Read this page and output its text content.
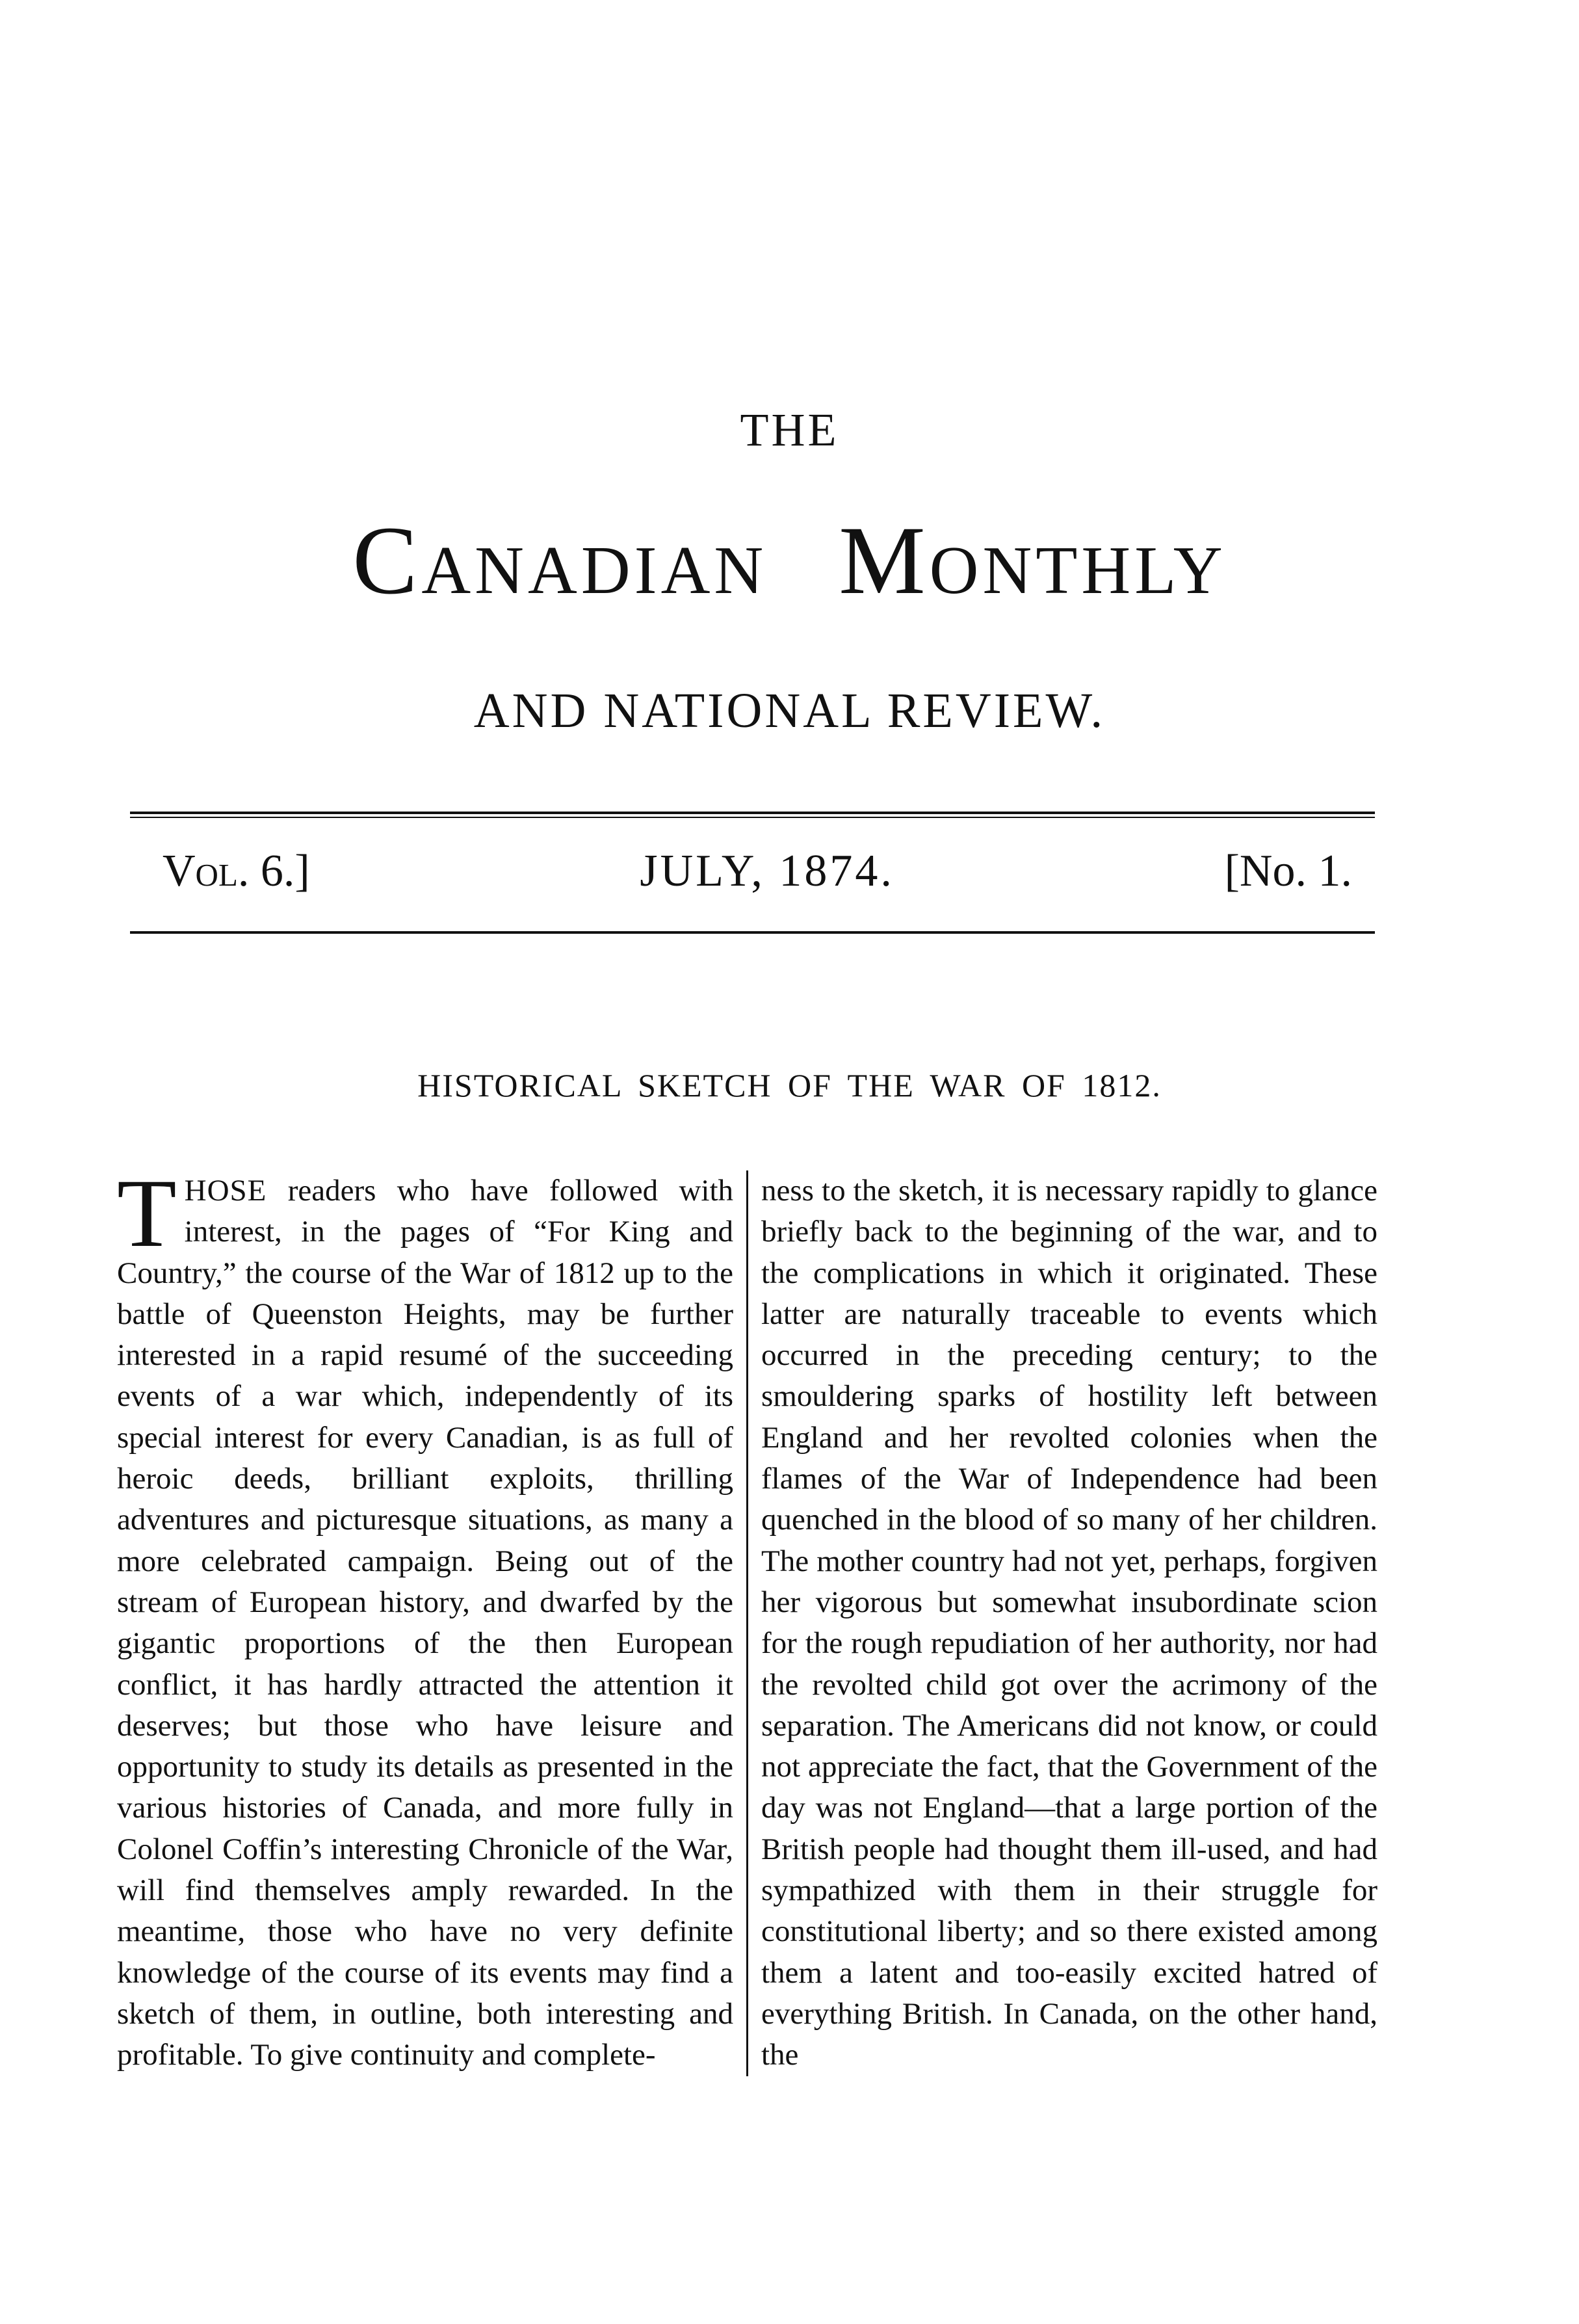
THE
Canadian Monthly
AND NATIONAL REVIEW.
Vol. 6.]	JULY, 1874.	[No. 1.
HISTORICAL SKETCH OF THE WAR OF 1812.
THOSE readers who have followed with interest, in the pages of “For King and Country,” the course of the War of 1812 up to the battle of Queenston Heights, may be further interested in a rapid resumé of the succeeding events of a war which, independently of its special interest for every Canadian, is as full of heroic deeds, brilliant exploits, thrilling adventures and picturesque situations, as many a more celebrated campaign. Being out of the stream of European history, and dwarfed by the gigantic proportions of the then European conflict, it has hardly attracted the attention it deserves; but those who have leisure and opportunity to study its details as presented in the various histories of Canada, and more fully in Colonel Coffin’s interesting Chronicle of the War, will find themselves amply rewarded. In the meantime, those who have no very definite knowledge of the course of its events may find a sketch of them, in outline, both interesting and profitable. To give continuity and complete-
ness to the sketch, it is necessary rapidly to glance briefly back to the beginning of the war, and to the complications in which it originated. These latter are naturally traceable to events which occurred in the preceding century; to the smouldering sparks of hostility left between England and her revolted colonies when the flames of the War of Independence had been quenched in the blood of so many of her children. The mother country had not yet, perhaps, forgiven her vigorous but somewhat insubordinate scion for the rough repudiation of her authority, nor had the revolted child got over the acrimony of the separation. The Americans did not know, or could not appreciate the fact, that the Government of the day was not England—that a large portion of the British people had thought them ill-used, and had sympathized with them in their struggle for constitutional liberty; and so there existed among them a latent and too-easily excited hatred of everything British. In Canada, on the other hand, the
